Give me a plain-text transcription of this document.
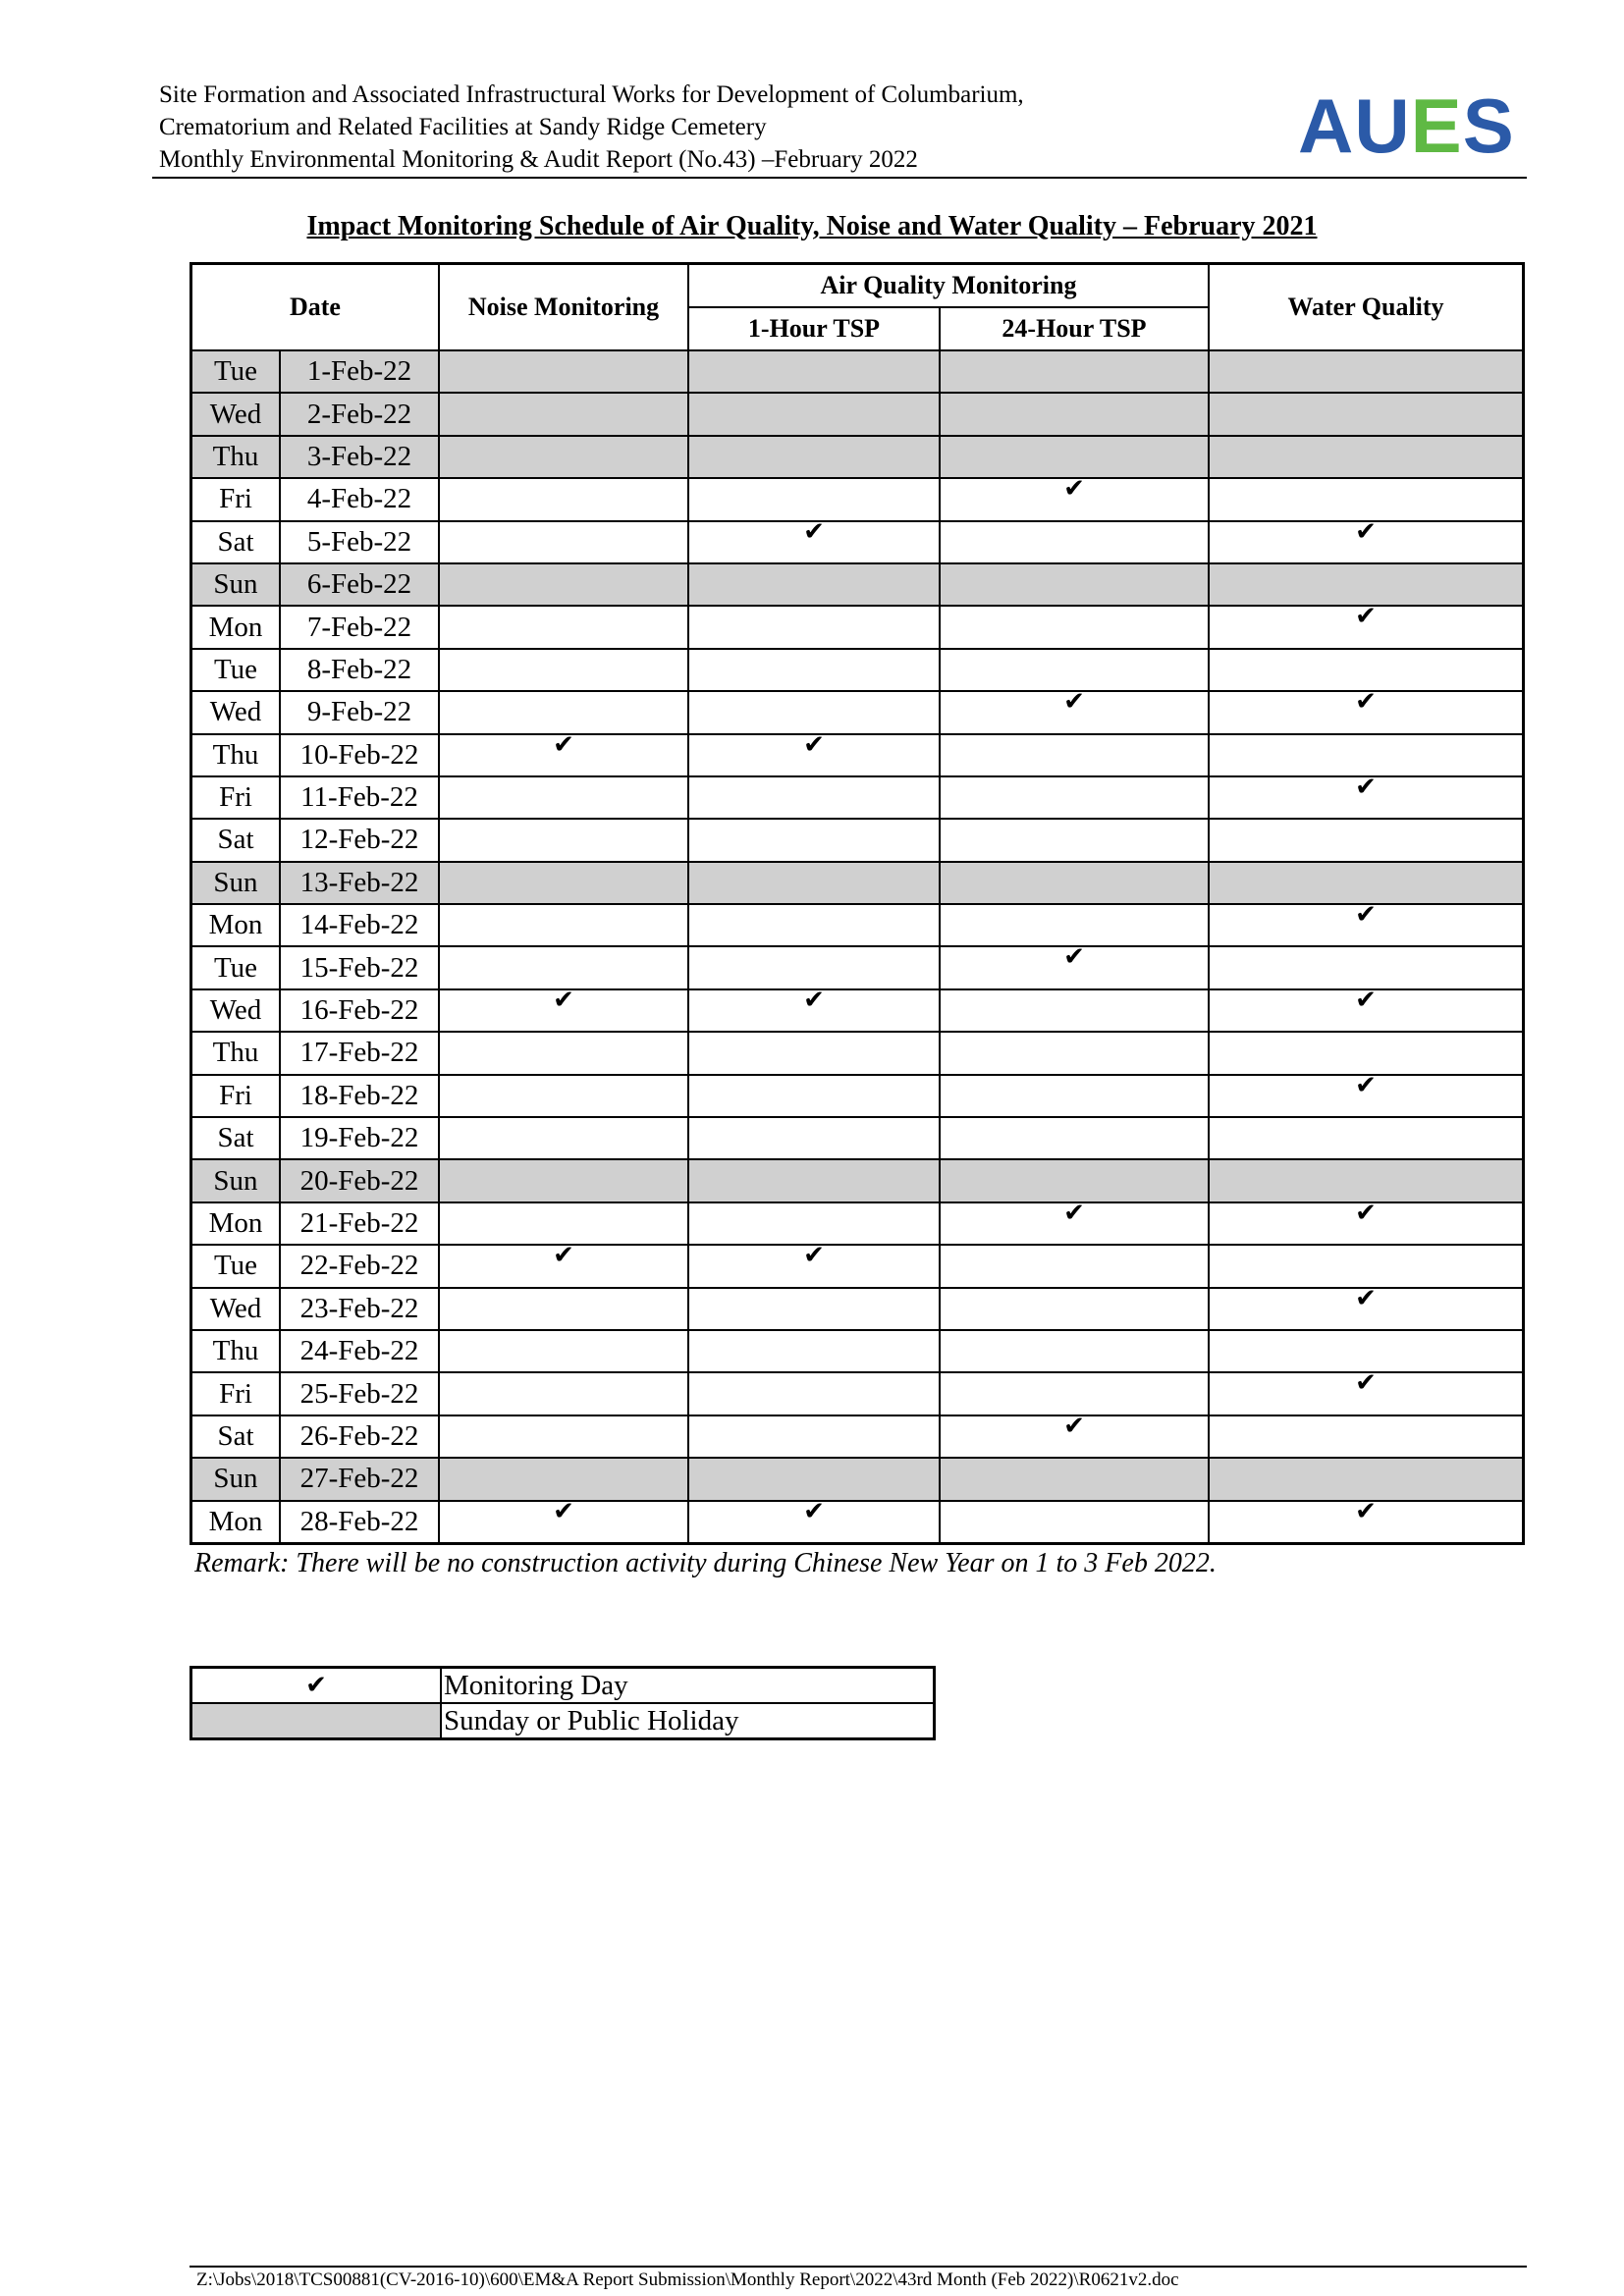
Site Formation and Associated Infrastructural Works for Development of Columbarium,
Crematorium and Related Facilities at Sandy Ridge Cemetery
Monthly Environmental Monitoring & Audit Report (No.43) –February 2022	AUES
Impact Monitoring Schedule of Air Quality, Noise and Water Quality – February 2021
Date		Noise Monitoring	Air Quality Monitoring		Water Quality
			1-Hour TSP	24-Hour TSP	
Tue	1-Feb-22				
Wed	2-Feb-22				
Thu	3-Feb-22				
Fri	4-Feb-22			✔	
Sat	5-Feb-22		✔		✔
Sun	6-Feb-22				
Mon	7-Feb-22				✔
Tue	8-Feb-22				
Wed	9-Feb-22			✔	✔
Thu	10-Feb-22	✔	✔		
Fri	11-Feb-22				✔
Sat	12-Feb-22				
Sun	13-Feb-22				
Mon	14-Feb-22				✔
Tue	15-Feb-22			✔	
Wed	16-Feb-22	✔	✔		✔
Thu	17-Feb-22				
Fri	18-Feb-22				✔
Sat	19-Feb-22				
Sun	20-Feb-22				
Mon	21-Feb-22			✔	✔
Tue	22-Feb-22	✔	✔		
Wed	23-Feb-22				✔
Thu	24-Feb-22				
Fri	25-Feb-22				✔
Sat	26-Feb-22			✔	
Sun	27-Feb-22				
Mon	28-Feb-22	✔	✔		✔
Remark: There will be no construction activity during Chinese New Year on 1 to 3 Feb 2022.
✔	Monitoring Day
	Sunday or Public Holiday
Z:\Jobs\2018\TCS00881(CV-2016-10)\600\EM&A Report Submission\Monthly Report\2022\43rd Month (Feb 2022)\R0621v2.doc
